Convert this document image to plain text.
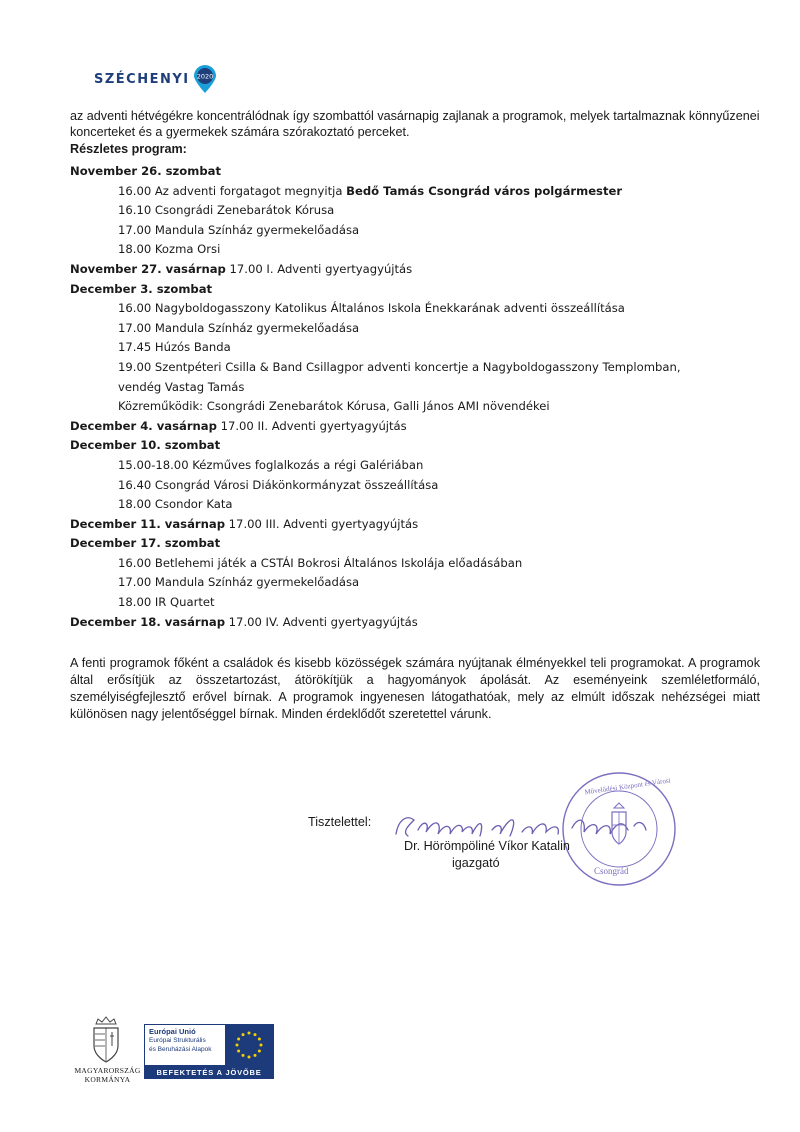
SZÉCHENYI 2020
az adventi hétvégékre koncentrálódnak így szombattól vasárnapig zajlanak a programok, melyek tartalmaznak könnyűzenei koncerteket és a gyermekek számára szórakoztató perceket.
Részletes program:
November 26. szombat
16.00 Az adventi forgatagot megnyitja Bedő Tamás Csongrád város polgármester
16.10 Csongrádi Zenebarátok Kórusa
17.00 Mandula Színház gyermekelőadása
18.00 Kozma Orsi
November 27. vasárnap 17.00 I. Adventi gyertyagyújtás
December 3. szombat
16.00 Nagyboldogasszony Katolikus Általános Iskola Énekkarának adventi összeállítása
17.00 Mandula Színház gyermekelőadása
17.45 Húzós Banda
19.00 Szentpéteri Csilla & Band Csillagpor adventi koncertje a Nagyboldogasszony Templomban,
vendég Vastag Tamás
Közreműködik: Csongrádi Zenebarátok Kórusa, Galli János AMI növendékei
December 4. vasárnap 17.00 II. Adventi gyertyagyújtás
December 10. szombat
15.00-18.00 Kézműves foglalkozás a régi Galériában
16.40 Csongrád Városi Diákönkormányzat összeállítása
18.00 Csondor Kata
December 11. vasárnap 17.00 III. Adventi gyertyagyújtás
December 17. szombat
16.00 Betlehemi játék a CSTÁI Bokrosi Általános Iskolája előadásában
17.00 Mandula Színház gyermekelőadása
18.00 IR Quartet
December 18. vasárnap 17.00 IV. Adventi gyertyagyújtás

A fenti programok főként a családok és kisebb közösségek számára nyújtanak élményekkel teli programokat. A programok által erősítjük az összetartozást, átörökítjük a hagyományok ápolását. Az eseményeink szemléletformáló, személyiségfejlesztő erővel bírnak. A programok ingyenesen látogathatóak, mely az elmúlt időszak nehézségei miatt különösen nagy jelentőséggel bírnak. Minden érdeklődőt szeretettel várunk.

Tisztelettel:
Csongrád
Művelődési Központ és Városi
Dr. Hörömpöliné Víkor Katalin
igazgató
MAGYARORSZÁG
KORMÁNYA
Európai Unió
Európai Strukturális
és Beruházási Alapok
BEFEKTETÉS A JÖVŐBE
